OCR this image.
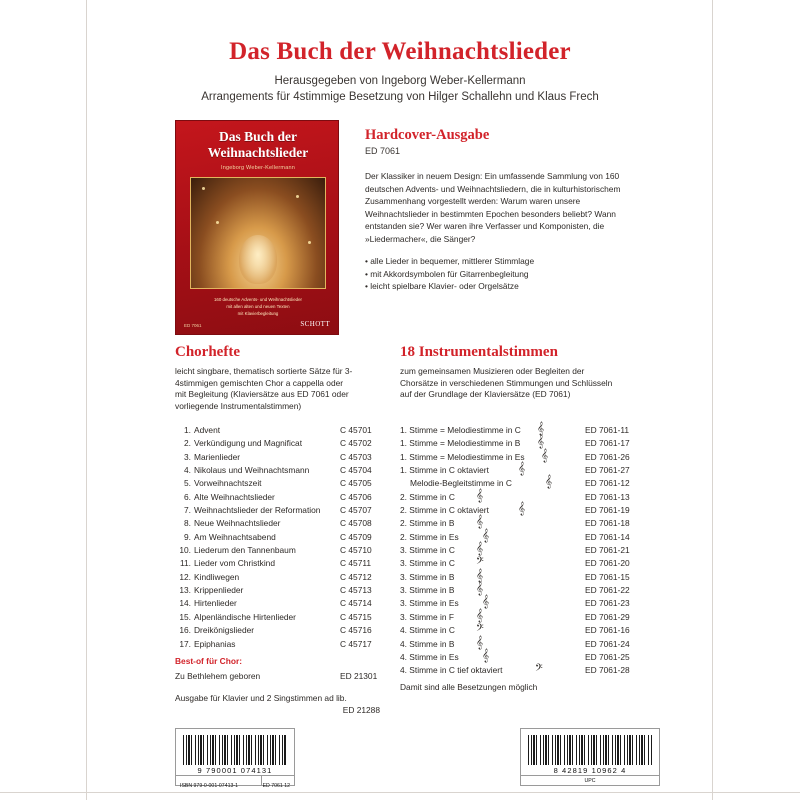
Das Buch der Weihnachtslieder
Herausgegeben von Ingeborg Weber-Kellermann
Arrangements für 4stimmige Besetzung von Hilger Schallehn und Klaus Frech
Das Buch der Weihnachtslieder
Ingeborg Weber-Kellermann
160 deutsche Advents- und Weihnachtslieder
mit allen alten und neuen Texten
mit Klavierbegleitung
ED 7061	SCHOTT
Hardcover-Ausgabe
ED 7061
Der Klassiker in neuem Design: Ein umfassende Sammlung von 160 deutschen Advents- und Weihnachtsliedern, die in kulturhistorischem Zusammenhang vorgestellt werden: Warum waren unsere Weihnachtslieder in bestimmten Epochen besonders beliebt? Wann entstanden sie? Wer waren ihre Verfasser und Komponisten, die »Liedermacher«, die Sänger?
• alle Lieder in bequemer, mittlerer Stimmlage
• mit Akkordsymbolen für Gitarrenbegleitung
• leicht spielbare Klavier- oder Orgelsätze
Chorhefte
leicht singbare, thematisch sortierte Sätze für 3-4stimmigen gemischten Chor a cappella oder mit Begleitung (Klaviersätze aus ED 7061 oder vorliegende Instrumentalstimmen)
1. Advent	C 45701
2. Verkündigung und Magnificat	C 45702
3. Marienlieder	C 45703
4. Nikolaus und Weihnachtsmann	C 45704
5. Vorweihnachtszeit	C 45705
6. Alte Weihnachtslieder	C 45706
7. Weihnachtslieder der Reformation C 45707
8. Neue Weihnachtslieder	C 45708
9. Am Weihnachtsabend	C 45709
10. Liederum den Tannenbaum	C 45710
11. Lieder vom Christkind	C 45711
12. Kindliwegen	C 45712
13. Krippenlieder	C 45713
14. Hirtenlieder	C 45714
15. Alpenländische Hirtenlieder	C 45715
16. Dreikönigslieder	C 45716
17. Epiphanias	C 45717
Best-of für Chor:
Zu Bethlehem geboren	ED 21301
Ausgabe für Klavier und 2 Singstimmen ad lib.
ED 21288
18 Instrumentalstimmen
zum gemeinsamen Musizieren oder Begleiten der Chorsätze in verschiedenen Stimmungen und Schlüsseln auf der Grundlage der Klaviersätze (ED 7061)
1. Stimme = Melodiestimme in C 𝄞	ED 7061-11
1. Stimme = Melodiestimme in B 𝄞	ED 7061-17
1. Stimme = Melodiestimme in Es 𝄞	ED 7061-26
1. Stimme in C oktaviert 𝄞	ED 7061-27
Melodie-Begleitstimme in C	𝄞	ED 7061-12
2. Stimme in C 𝄞	ED 7061-13
2. Stimme in C oktaviert 𝄞	ED 7061-19
2. Stimme in B 𝄞	ED 7061-18
2. Stimme in Es 𝄞	ED 7061-14
3. Stimme in C 𝄞	ED 7061-21
3. Stimme in C 𝄢	ED 7061-20
3. Stimme in B 𝄞	ED 7061-15
3. Stimme in B 𝄞	ED 7061-22
3. Stimme in Es 𝄞	ED 7061-23
3. Stimme in F 𝄞	ED 7061-29
4. Stimme in C 𝄢	ED 7061-16
4. Stimme in B 𝄞	ED 7061-24
4. Stimme in Es 𝄞	ED 7061-25
4. Stimme in C tief oktaviert	𝄢	ED 7061-28
Damit sind alle Besetzungen möglich
9 790001 074131
ISBN 979-0-001-07413-1	ED 7061 12
8 42819 10962 4
UPC
